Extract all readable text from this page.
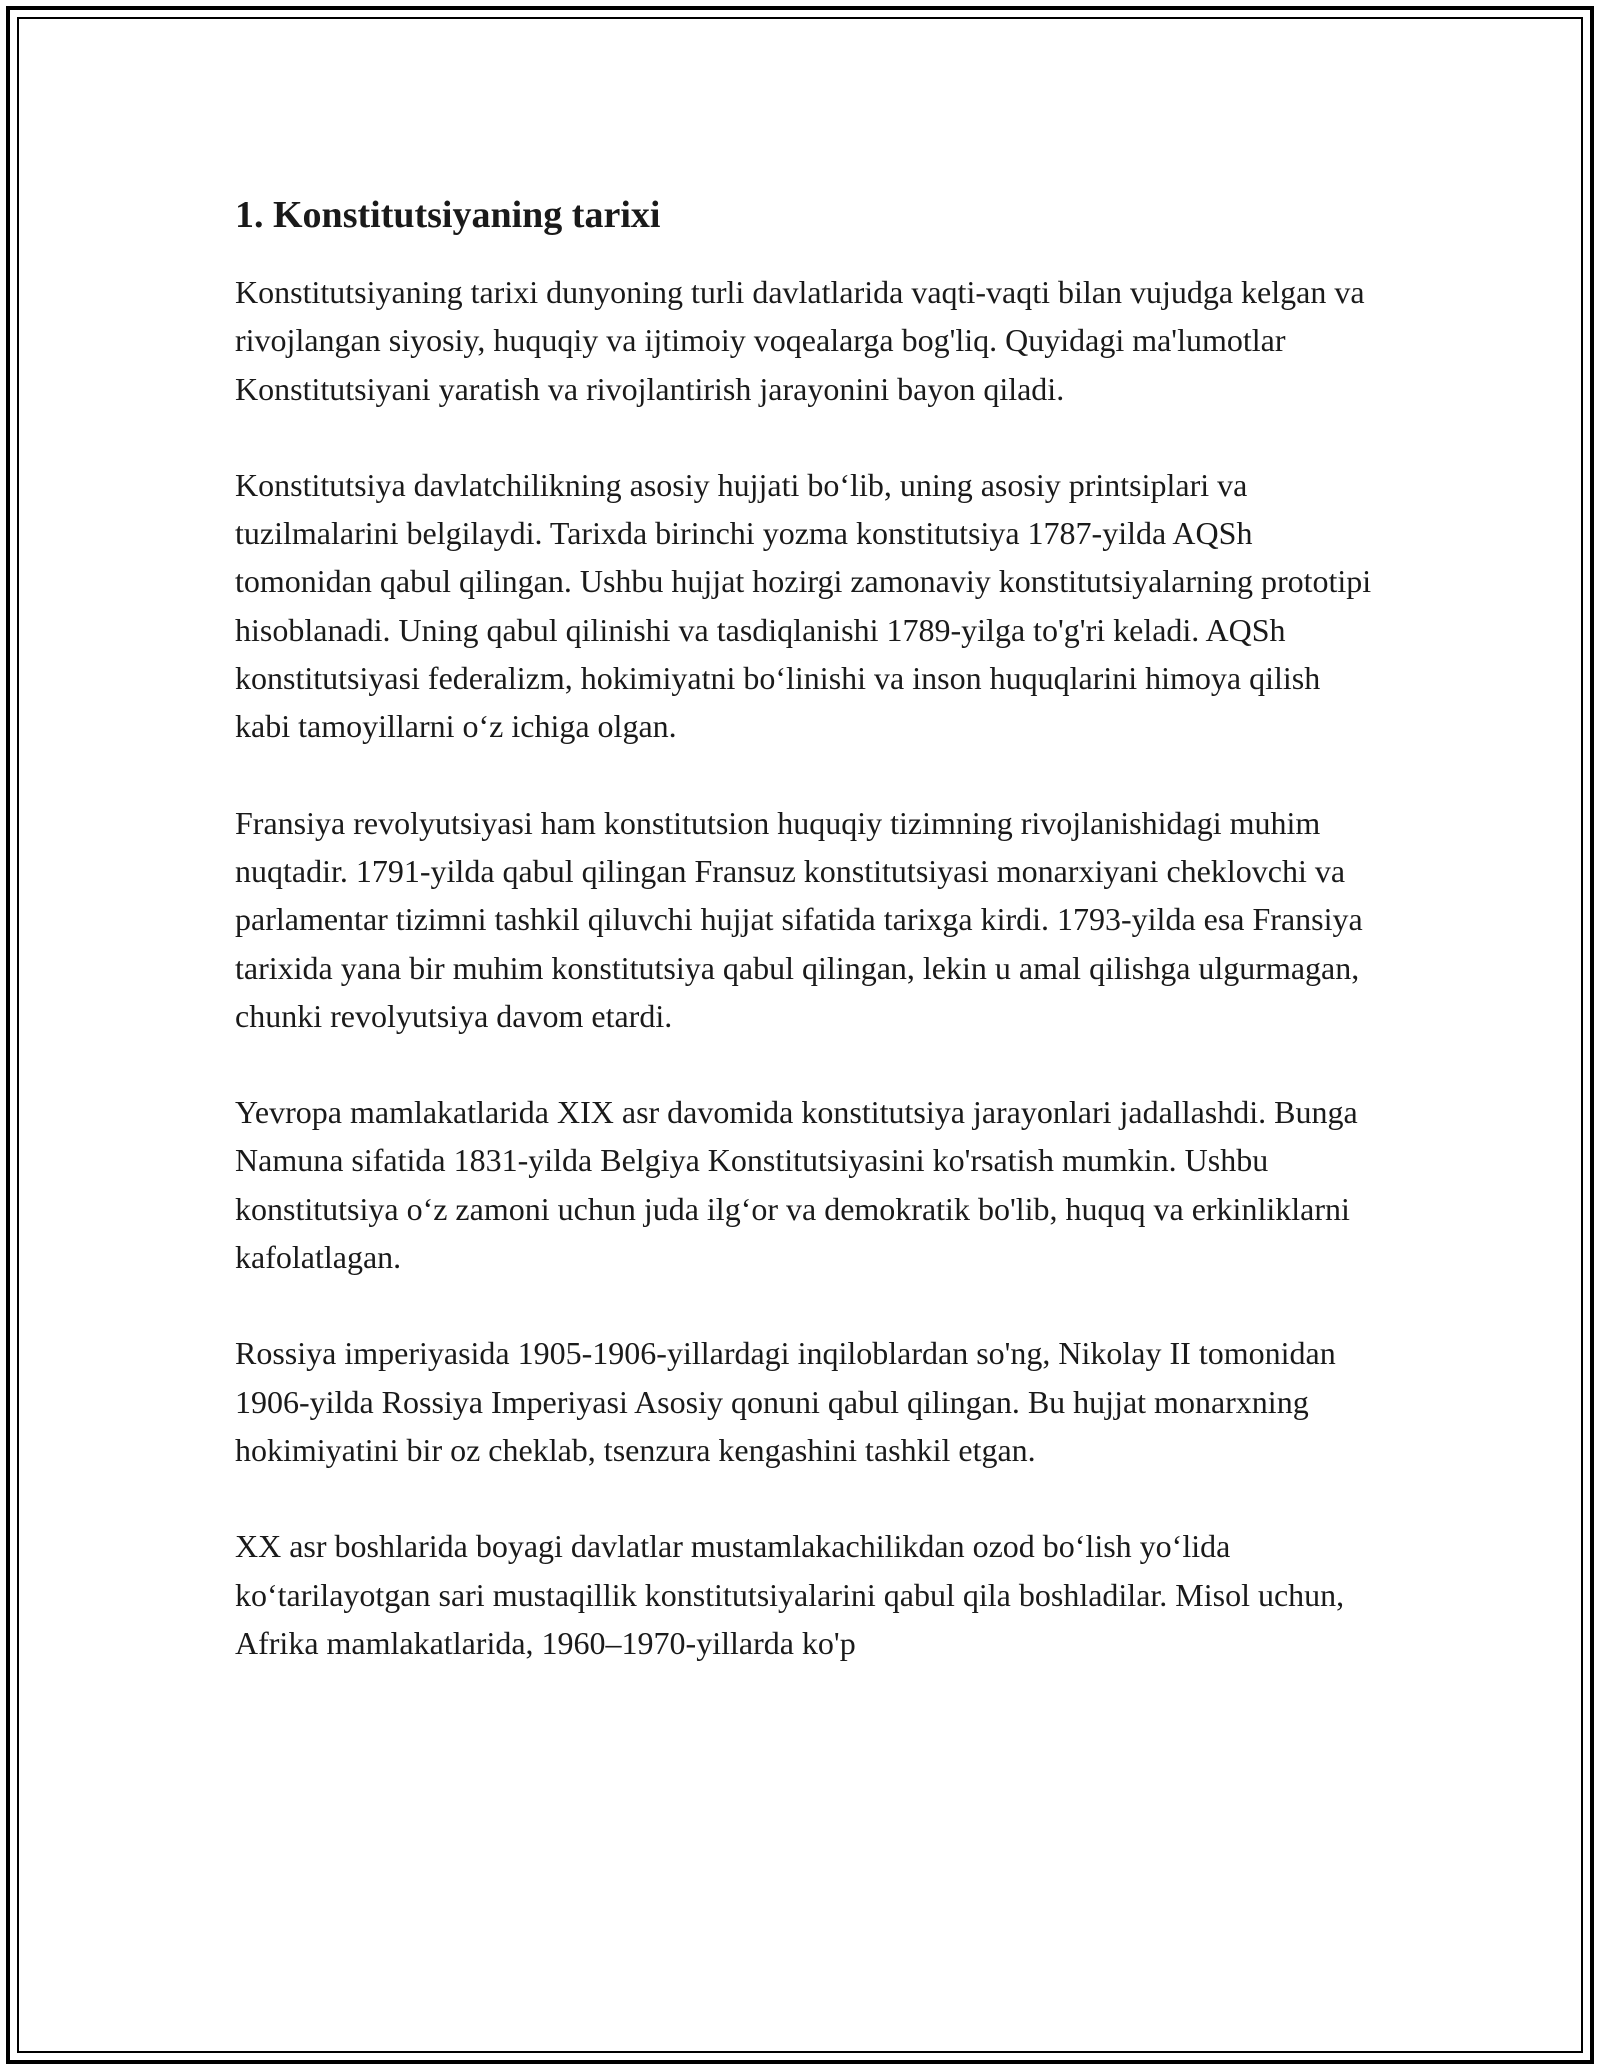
1. Konstitutsiyaning tarixi

Konstitutsiyaning tarixi dunyoning turli davlatlarida vaqti-vaqti bilan vujudga kelgan va rivojlangan siyosiy, huquqiy va ijtimoiy voqealarga bog'liq. Quyidagi ma'lumotlar Konstitutsiyani yaratish va rivojlantirish jarayonini bayon qiladi.

Konstitutsiya davlatchilikning asosiy hujjati bo‘lib, uning asosiy printsiplari va tuzilmalarini belgilaydi. Tarixda birinchi yozma konstitutsiya 1787-yilda AQSh tomonidan qabul qilingan. Ushbu hujjat hozirgi zamonaviy konstitutsiyalarning prototipi hisoblanadi. Uning qabul qilinishi va tasdiqlanishi 1789-yilga to'g'ri keladi. AQSh konstitutsiyasi federalizm, hokimiyatni bo‘linishi va inson huquqlarini himoya qilish kabi tamoyillarni o‘z ichiga olgan.

Fransiya revolyutsiyasi ham konstitutsion huquqiy tizimning rivojlanishidagi muhim nuqtadir. 1791-yilda qabul qilingan Fransuz konstitutsiyasi monarxiyani cheklovchi va parlamentar tizimni tashkil qiluvchi hujjat sifatida tarixga kirdi. 1793-yilda esa Fransiya tarixida yana bir muhim konstitutsiya qabul qilingan, lekin u amal qilishga ulgurmagan, chunki revolyutsiya davom etardi.

Yevropa mamlakatlarida XIX asr davomida konstitutsiya jarayonlari jadallashdi. Bunga Namuna sifatida 1831-yilda Belgiya Konstitutsiyasini ko'rsatish mumkin. Ushbu konstitutsiya o‘z zamoni uchun juda ilg‘or va demokratik bo'lib, huquq va erkinliklarni kafolatlagan.

Rossiya imperiyasida 1905-1906-yillardagi inqiloblardan so'ng, Nikolay II tomonidan 1906-yilda Rossiya Imperiyasi Asosiy qonuni qabul qilingan. Bu hujjat monarxning hokimiyatini bir oz cheklab, tsenzura kengashini tashkil etgan.

XX asr boshlarida boyagi davlatlar mustamlakachilikdan ozod bo‘lish yo‘lida ko‘tarilayotgan sari mustaqillik konstitutsiyalarini qabul qila boshladilar. Misol uchun, Afrika mamlakatlarida, 1960–1970-yillarda ko'p
